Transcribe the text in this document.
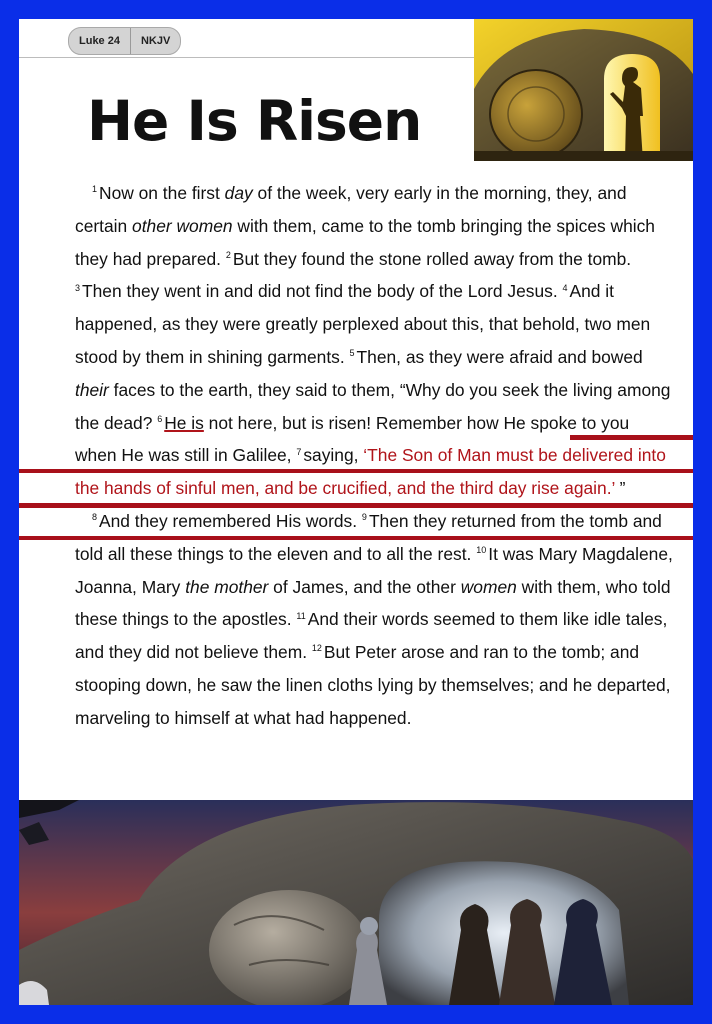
Luke 24	NKJV
He Is Risen

$^1$ Now on the first day of the week, very early in the morning, they, and certain other women with them, came to the tomb bringing the spices which they had prepared. $^2$ But they found the stone rolled away from the tomb. $^3$ Then they went in and did not find the body of the Lord Jesus. $^4$ And it happened, as they were greatly perplexed about this, that behold, two men stood by them in shining garments. $^5$ Then, as they were afraid and bowed their faces to the earth, they said to them, “Why do you seek the living among the dead? $^6$ He is not here, but is risen! Remember how He spoke to you when He was still in Galilee, $^7$ saying, ‘The Son of Man must be delivered into the hands of sinful men, and be crucified, and the third day rise again.’ ”
$^8$ And they remembered His words. $^9$ Then they returned from the tomb and told all these things to the eleven and to all the rest. $^{10}$ It was Mary Magdalene, Joanna, Mary the mother of James, and the other women with them, who told these things to the apostles. $^{11}$ And their words seemed to them like idle tales, and they did not believe them. $^{12}$ But Peter arose and ran to the tomb; and stooping down, he saw the linen cloths lying by themselves; and he departed, marveling to himself at what had happened.
